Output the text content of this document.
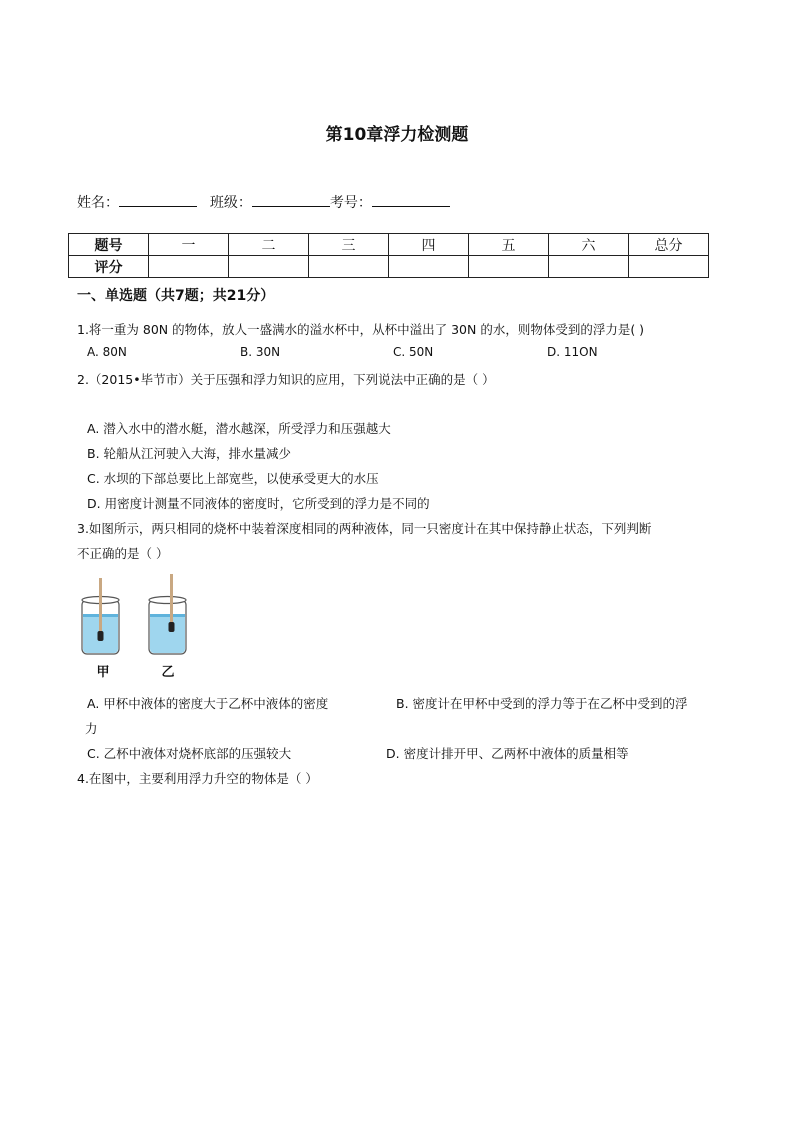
第10章浮力检测题
姓名：	班级：	考号：
题号	一	二	三	四	五	六	总分
评分							
一、单选题（共7题；共21分）
1.将一重为 80N 的物体，放人一盛满水的溢水杯中，从杯中溢出了 30N 的水，则物体受到的浮力是( )
A. 80N	B. 30N	C. 50N	D. 11ON
2.（2015•毕节市）关于压强和浮力知识的应用，下列说法中正确的是（ ）
A. 潜入水中的潜水艇，潜水越深，所受浮力和压强越大
B. 轮船从江河驶入大海，排水量减少
C. 水坝的下部总要比上部宽些，以使承受更大的水压
D. 用密度计测量不同液体的密度时，它所受到的浮力是不同的
3.如图所示，两只相同的烧杯中装着深度相同的两种液体，同一只密度计在其中保持静止状态，下列判断
不正确的是（ ）
甲	乙
A. 甲杯中液体的密度大于乙杯中液体的密度	B. 密度计在甲杯中受到的浮力等于在乙杯中受到的浮
力
C. 乙杯中液体对烧杯底部的压强较大	D. 密度计排开甲、乙两杯中液体的质量相等
4.在图中，主要利用浮力升空的物体是（ ）
